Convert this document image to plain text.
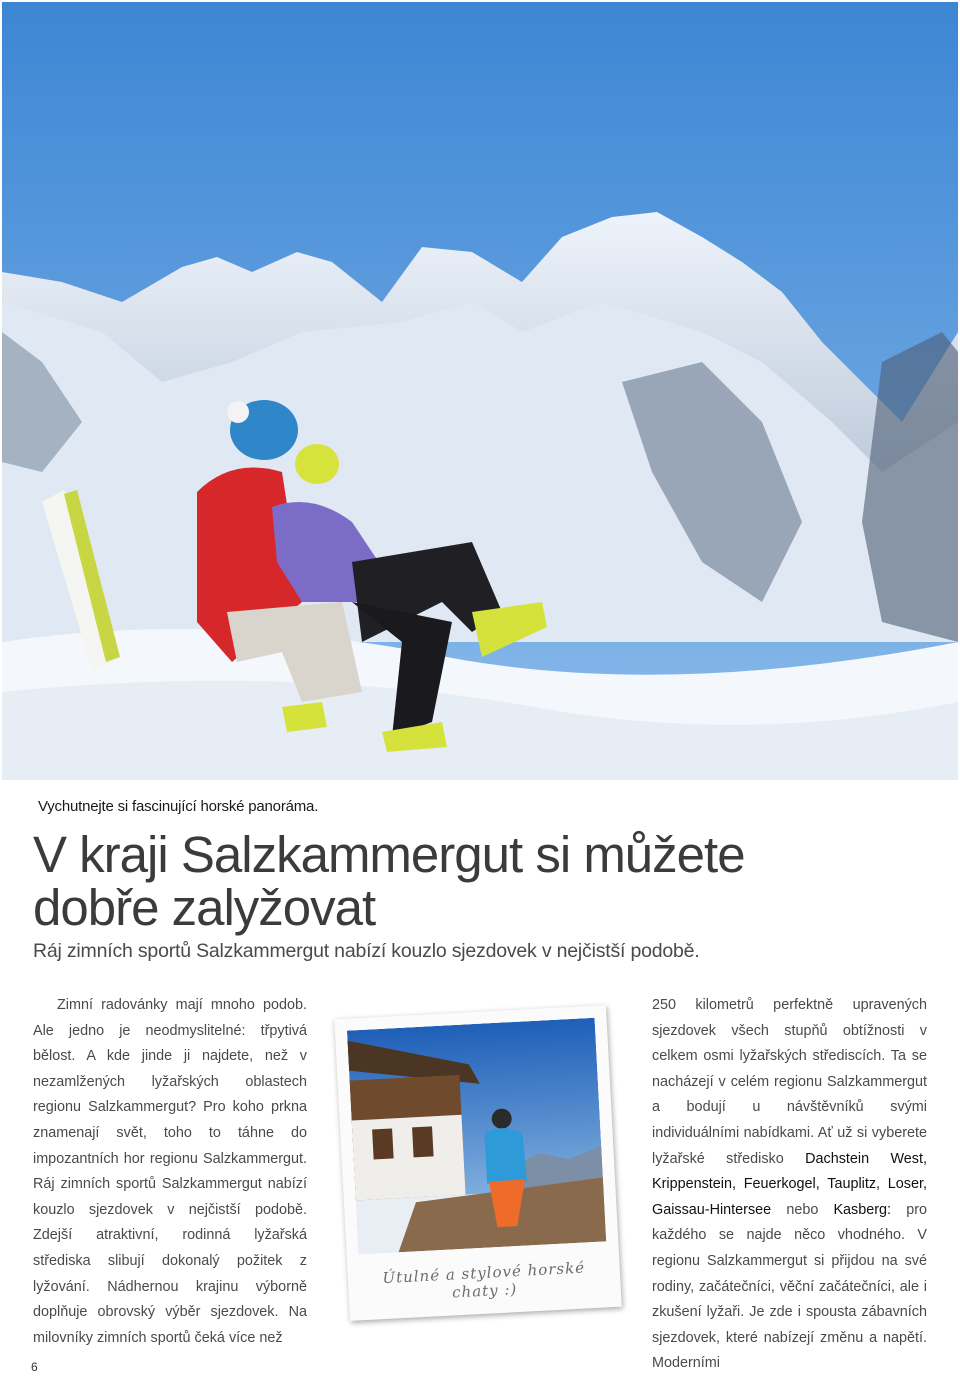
Vychutnejte si fascinující horské panoráma.
V kraji Salzkammergut si můžete
dobře zalyžovat
Ráj zimních sportů Salzkammergut nabízí kouzlo sjezdovek v nejčistší podobě.

Zimní radovánky mají mnoho podob. Ale jedno je neodmyslitelné: třpytivá bělost. A kde jinde ji najdete, než v nezamlžených lyžařských oblastech regionu Salzkammergut? Pro koho prkna znamenají svět, toho to táhne do impozantních hor regionu Salzkammergut. Ráj zimních sportů Salzkammergut nabízí kouzlo sjezdovek v nejčistší podobě. Zdejší atraktivní, rodinná lyžařská střediska slibují dokonalý požitek z lyžování. Nádhernou krajinu výborně doplňuje obrovský výběr sjezdovek. Na milovníky zimních sportů čeká více než

Útulné a stylové horské chaty :)

250 kilometrů perfektně upravených sjezdovek všech stupňů obtížnosti v celkem osmi lyžařských střediscích. Ta se nacházejí v celém regionu Salzkammergut a bodují u návštěvníků svými individuálními nabídkami. Ať už si vyberete lyžařské středisko Dachstein West, Krippenstein, Feuerkogel, Tauplitz, Loser, Gaissau-Hintersee nebo Kasberg: pro každého se najde něco vhodného. V regionu Salzkammergut si přijdou na své rodiny, začátečníci, věční začátečníci, ale i zkušení lyžaři. Je zde i spousta zábavních sjezdovek, které nabízejí změnu a napětí. Moderními

6
